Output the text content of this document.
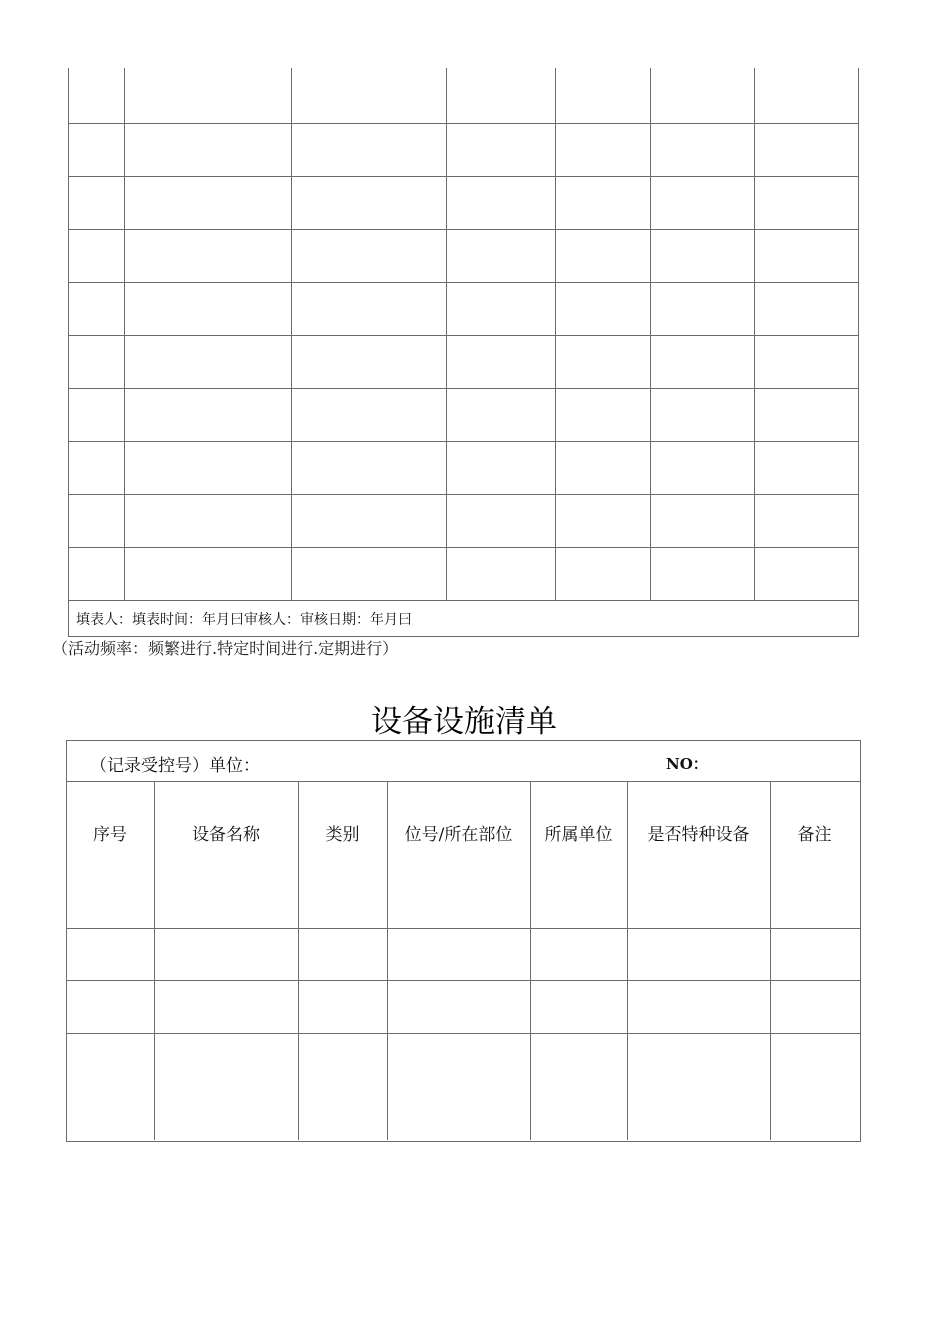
填表人：填表时间：年月曰审核人：审核日期：年月曰
（活动频率：频繁进行.特定时间进行.定期进行）
设备设施清单
（记录受控号）单位：	NO：
序号	设备名称	类别	位号/所在部位	所属单位	是否特种设备	备注
